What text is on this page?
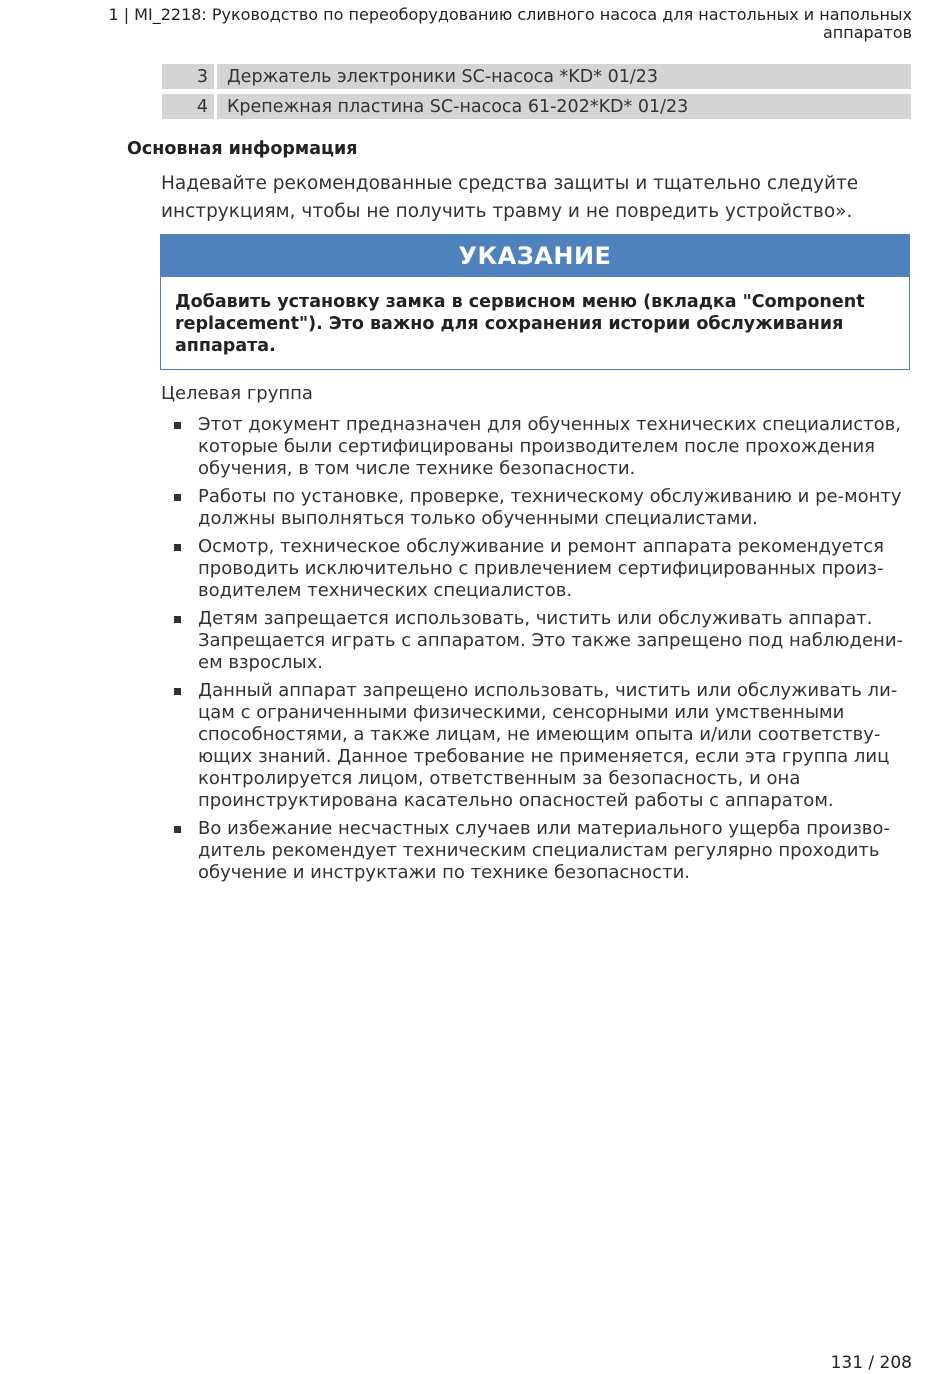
1 | MI_2218: Руководство по переоборудованию сливного насоса для настольных и напольных
аппаратов
3	Держатель электроники SC-насоса *KD* 01/23
4	Крепежная пластина SC-насоса 61-202*KD* 01/23
Основная информация
Надевайте рекомендованные средства защиты и тщательно следуйте инструкциям, чтобы не получить травму и не повредить устройство».
УКАЗАНИЕ
Добавить установку замка в сервисном меню (вкладка "Component replacement"). Это важно для сохранения истории обслуживания аппарата.
Целевая группа
Этот документ предназначен для обученных технических специалистов, которые были сертифицированы производителем после прохождения обучения, в том числе технике безопасности.
Работы по установке, проверке, техническому обслуживанию и ре-монту должны выполняться только обученными специалистами.
Осмотр, техническое обслуживание и ремонт аппарата рекомендуется проводить исключительно с привлечением сертифицированных произ-водителем технических специалистов.
Детям запрещается использовать, чистить или обслуживать аппарат. Запрещается играть с аппаратом. Это также запрещено под наблюдени-ем взрослых.
Данный аппарат запрещено использовать, чистить или обслуживать ли-цам с ограниченными физическими, сенсорными или умственными способностями, а также лицам, не имеющим опыта и/или соответству-ющих знаний. Данное требование не применяется, если эта группа лиц контролируется лицом, ответственным за безопасность, и она проинструктирована касательно опасностей работы с аппаратом.
Во избежание несчастных случаев или материального ущерба произво-дитель рекомендует техническим специалистам регулярно проходить обучение и инструктажи по технике безопасности.
131 / 208
